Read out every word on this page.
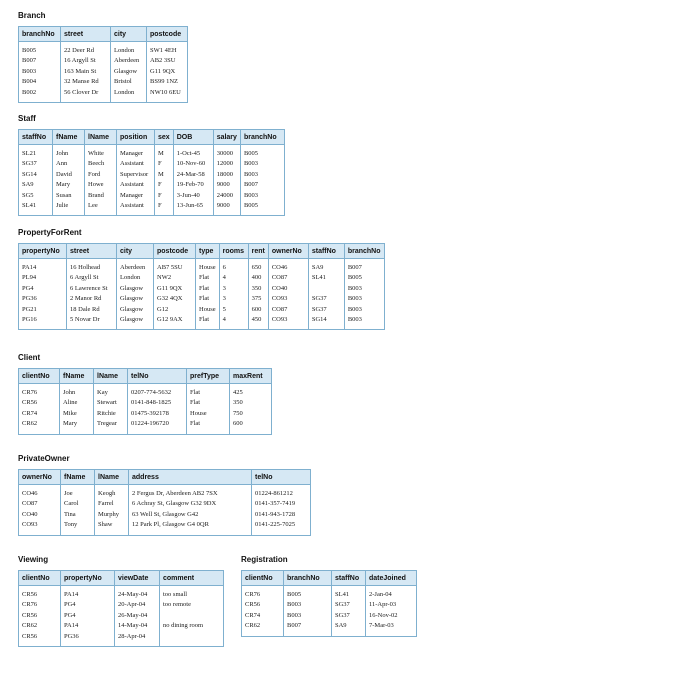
Branch
branchNo	street	city	postcode
B005	22 Deer Rd	London	SW1 4EH
B007	16 Argyll St	Aberdeen	AB2 3SU
B003	163 Main St	Glasgow	G11 9QX
B004	32 Manse Rd	Bristol	BS99 1NZ
B002	56 Clover Dr	London	NW10 6EU
Staff
staffNo	fName	lName	position	sex	DOB	salary	branchNo
SL21	John	White	Manager	M	1-Oct-45	30000	B005
SG37	Ann	Beech	Assistant	F	10-Nov-60	12000	B003
SG14	David	Ford	Supervisor	M	24-Mar-58	18000	B003
SA9	Mary	Howe	Assistant	F	19-Feb-70	9000	B007
SG5	Susan	Brand	Manager	F	3-Jun-40	24000	B003
SL41	Julie	Lee	Assistant	F	13-Jun-65	9000	B005
PropertyForRent
propertyNo	street	city	postcode	type	rooms	rent	ownerNo	staffNo	branchNo
PA14	16 Holhead	Aberdeen	AB7 5SU	House	6	650	CO46	SA9	B007
PL94	6 Argyll St	London	NW2	Flat	4	400	CO87	SL41	B005
PG4	6 Lawrence St	Glasgow	G11 9QX	Flat	3	350	CO40		B003
PG36	2 Manor Rd	Glasgow	G32 4QX	Flat	3	375	CO93	SG37	B003
PG21	18 Dale Rd	Glasgow	G12	House	5	600	CO87	SG37	B003
PG16	5 Novar Dr	Glasgow	G12 9AX	Flat	4	450	CO93	SG14	B003
Client
clientNo	fName	lName	telNo	prefType	maxRent
CR76	John	Kay	0207-774-5632	Flat	425
CR56	Aline	Stewart	0141-848-1825	Flat	350
CR74	Mike	Ritchie	01475-392178	House	750
CR62	Mary	Tregear	01224-196720	Flat	600
PrivateOwner
ownerNo	fName	lName	address	telNo
CO46	Joe	Keogh	2 Fergus Dr, Aberdeen AB2 7SX	01224-861212
CO87	Carol	Farrel	6 Achray St, Glasgow G32 9DX	0141-357-7419
CO40	Tina	Murphy	63 Well St, Glasgow G42	0141-943-1728
CO93	Tony	Shaw	12 Park Pl, Glasgow G4 0QR	0141-225-7025
Viewing
clientNo	propertyNo	viewDate	comment
CR56	PA14	24-May-04	too small
CR76	PG4	20-Apr-04	too remote
CR56	PG4	26-May-04	
CR62	PA14	14-May-04	no dining room
CR56	PG36	28-Apr-04	
Registration
clientNo	branchNo	staffNo	dateJoined
CR76	B005	SL41	2-Jan-04
CR56	B003	SG37	11-Apr-03
CR74	B003	SG37	16-Nov-02
CR62	B007	SA9	7-Mar-03
